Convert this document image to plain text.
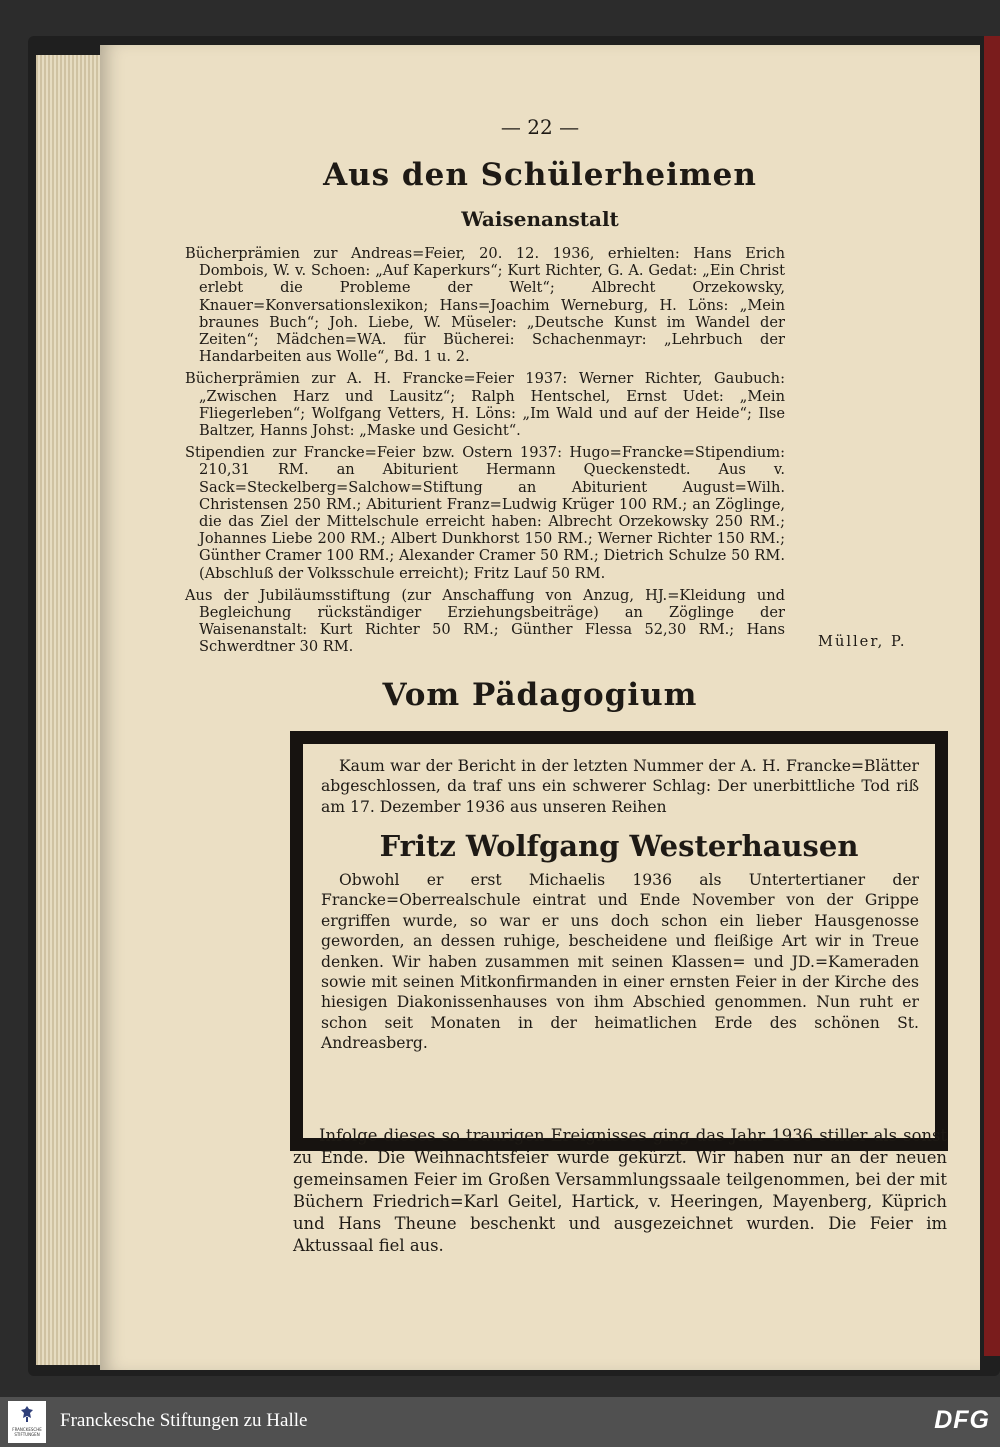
— 22 —
Aus den Schülerheimen
Waisenanstalt

Bücherprämien zur Andreas=Feier, 20. 12. 1936, erhielten: Hans Erich Dombois, W. v. Schoen: „Auf Kaperkurs“; Kurt Richter, G. A. Gedat: „Ein Christ erlebt die Probleme der Welt“; Albrecht Orzekowsky, Knauer=Konversationslexikon; Hans=Joachim Werneburg, H. Löns: „Mein braunes Buch“; Joh. Liebe, W. Müseler: „Deutsche Kunst im Wandel der Zeiten“; Mädchen=WA. für Bücherei: Schachenmayr: „Lehrbuch der Handarbeiten aus Wolle“, Bd. 1 u. 2.

Bücherprämien zur A. H. Francke=Feier 1937: Werner Richter, Gaubuch: „Zwischen Harz und Lausitz“; Ralph Hentschel, Ernst Udet: „Mein Fliegerleben“; Wolfgang Vetters, H. Löns: „Im Wald und auf der Heide“; Ilse Baltzer, Hanns Johst: „Maske und Gesicht“.

Stipendien zur Francke=Feier bzw. Ostern 1937: Hugo=Francke=Stipendium: 210,31 RM. an Abiturient Hermann Queckenstedt. Aus v. Sack=Steckelberg=Salchow=Stiftung an Abiturient August=Wilh. Christensen 250 RM.; Abiturient Franz=Ludwig Krüger 100 RM.; an Zöglinge, die das Ziel der Mittelschule erreicht haben: Albrecht Orzekowsky 250 RM.; Johannes Liebe 200 RM.; Albert Dunkhorst 150 RM.; Werner Richter 150 RM.; Günther Cramer 100 RM.; Alexander Cramer 50 RM.; Dietrich Schulze 50 RM. (Abschluß der Volksschule erreicht); Fritz Lauf 50 RM.

Aus der Jubiläumsstiftung (zur Anschaffung von Anzug, HJ.=Kleidung und Begleichung rückständiger Erziehungsbeiträge) an Zöglinge der Waisenanstalt: Kurt Richter 50 RM.; Günther Flessa 52,30 RM.; Hans Schwerdtner 30 RM.	Müller, P.
Vom Pädagogium

Kaum war der Bericht in der letzten Nummer der A. H. Francke=Blätter abgeschlossen, da traf uns ein schwerer Schlag: Der unerbittliche Tod riß am 17. Dezember 1936 aus unseren Reihen

Fritz Wolfgang Westerhausen

Obwohl er erst Michaelis 1936 als Untertertianer der Francke=Oberrealschule eintrat und Ende November von der Grippe ergriffen wurde, so war er uns doch schon ein lieber Hausgenosse geworden, an dessen ruhige, bescheidene und fleißige Art wir in Treue denken. Wir haben zusammen mit seinen Klassen= und JD.=Kameraden sowie mit seinen Mitkonfirmanden in einer ernsten Feier in der Kirche des hiesigen Diakonissenhauses von ihm Abschied genommen. Nun ruht er schon seit Monaten in der heimatlichen Erde des schönen St. Andreasberg.

Infolge dieses so traurigen Ereignisses ging das Jahr 1936 stiller als sonst zu Ende. Die Weihnachtsfeier wurde gekürzt. Wir haben nur an der neuen gemeinsamen Feier im Großen Versammlungssaale teilgenommen, bei der mit Büchern Friedrich=Karl Geitel, Hartick, v. Heeringen, Mayenberg, Küprich und Hans Theune beschenkt und ausgezeichnet wurden. Die Feier im Aktussaal fiel aus.

FRANCKESCHE STIFTUNGEN
Franckesche Stiftungen zu Halle	DFG
